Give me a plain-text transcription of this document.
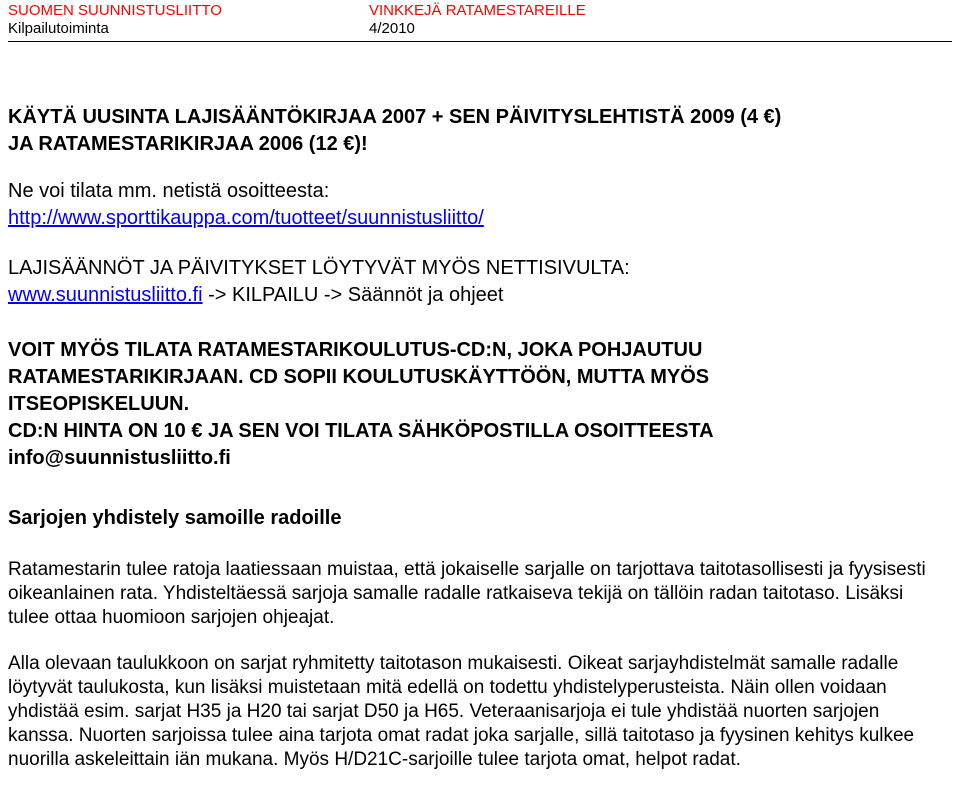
SUOMEN SUUNNISTUSLIITTO	VINKKEJÄ RATAMESTAREILLE
Kilpailutoiminta	4/2010

KÄYTÄ UUSINTA LAJISÄÄNTÖKIRJAA 2007 + SEN PÄIVITYSLEHTISTÄ 2009 (4 €)

JA RATAMESTARIKIRJAA 2006 (12 €)!

Ne voi tilata mm. netistä osoitteesta:

http://www.sporttikauppa.com/tuotteet/suunnistusliitto/

LAJISÄÄNNÖT JA PÄIVITYKSET LÖYTYVÄT MYÖS NETTISIVULTA:

www.suunnistusliitto.fi -> KILPAILU -> Säännöt ja ohjeet

VOIT MYÖS TILATA RATAMESTARIKOULUTUS-CD:N, JOKA POHJAUTUU

RATAMESTARIKIRJAAN. CD SOPII KOULUTUSKÄYTTÖÖN, MUTTA MYÖS

ITSEOPISKELUUN.

CD:N HINTA ON 10 € JA SEN VOI TILATA SÄHKÖPOSTILLA OSOITTEESTA

info@suunnistusliitto.fi

Sarjojen yhdistely samoille radoille

Ratamestarin tulee ratoja laatiessaan muistaa, että jokaiselle sarjalle on tarjottava taitotasollisesti ja fyysisesti oikeanlainen rata. Yhdisteltäessä sarjoja samalle radalle ratkaiseva tekijä on tällöin radan taitotaso. Lisäksi tulee ottaa huomioon sarjojen ohjeajat.

Alla olevaan taulukkoon on sarjat ryhmitetty taitotason mukaisesti. Oikeat sarjayhdistelmät samalle radalle löytyvät taulukosta, kun lisäksi muistetaan mitä edellä on todettu yhdistelyperusteista. Näin ollen voidaan yhdistää esim. sarjat H35 ja H20 tai sarjat D50 ja H65. Veteraanisarjoja ei tule yhdistää nuorten sarjojen kanssa. Nuorten sarjoissa tulee aina tarjota omat radat joka sarjalle, sillä taitotaso ja fyysinen kehitys kulkee nuorilla askeleittain iän mukana. Myös H/D21C-sarjoille tulee tarjota omat, helpot radat.
